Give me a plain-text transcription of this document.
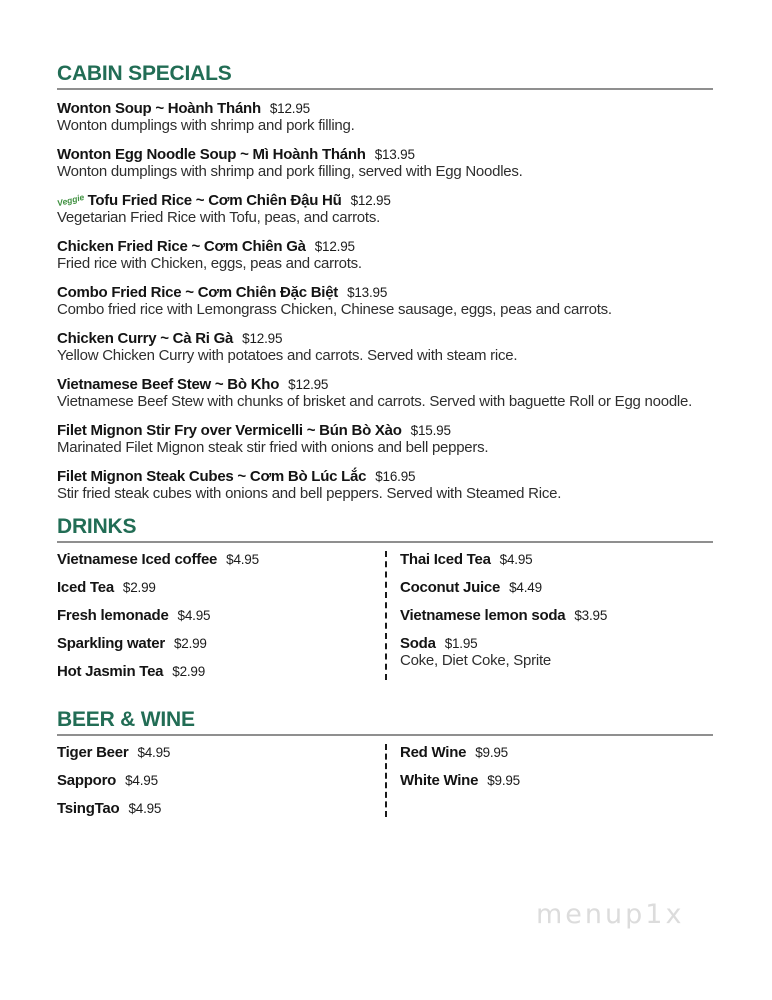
CABIN SPECIALS
Wonton Soup ~ Hoành Thánh $12.95
Wonton dumplings with shrimp and pork filling.
Wonton Egg Noodle Soup ~ Mì Hoành Thánh $13.95
Wonton dumplings with shrimp and pork filling, served with Egg Noodles.
Veggie Tofu Fried Rice ~ Cơm Chiên Đậu Hũ $12.95
Vegetarian Fried Rice with Tofu, peas, and carrots.
Chicken Fried Rice ~ Cơm Chiên Gà $12.95
Fried rice with Chicken, eggs, peas and carrots.
Combo Fried Rice ~ Cơm Chiên Đặc Biệt $13.95
Combo fried rice with Lemongrass Chicken, Chinese sausage, eggs, peas and carrots.
Chicken Curry ~ Cà Ri Gà $12.95
Yellow Chicken Curry with potatoes and carrots. Served with steam rice.
Vietnamese Beef Stew ~ Bò Kho $12.95
Vietnamese Beef Stew with chunks of brisket and carrots. Served with baguette Roll or Egg noodle.
Filet Mignon Stir Fry over Vermicelli ~ Bún Bò Xào $15.95
Marinated Filet Mignon steak stir fried with onions and bell peppers.
Filet Mignon Steak Cubes ~ Cơm Bò Lúc Lắc $16.95
Stir fried steak cubes with onions and bell peppers. Served with Steamed Rice.
DRINKS
Vietnamese Iced coffee $4.95
Iced Tea $2.99
Fresh lemonade $4.95
Sparkling water $2.99
Hot Jasmin Tea $2.99
Thai Iced Tea $4.95
Coconut Juice $4.49
Vietnamese lemon soda $3.95
Soda $1.95
Coke, Diet Coke, Sprite
BEER & WINE
Tiger Beer $4.95
Sapporo $4.95
TsingTao $4.95
Red Wine $9.95
White Wine $9.95
menup1x
